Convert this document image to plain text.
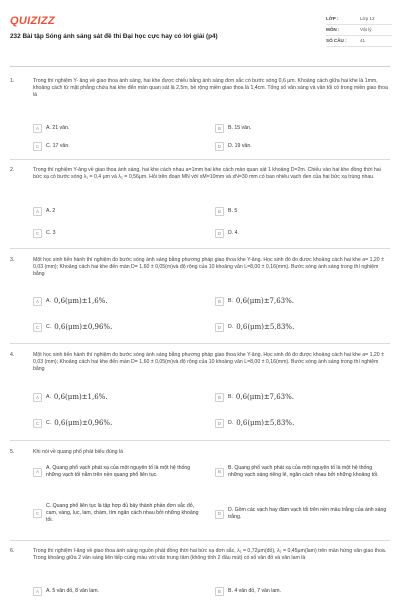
QUIZIZZ
232 Bài tập Sóng ánh sáng sát đề thi Đại học cực hay có lời giải (p4)
LỚP :	Lớp 12
MÔN :	Vật lý
SỐ CÂU :	41
1.	Trong thí nghiệm Y- âng về giao thoa ánh sáng, hai khe được chiếu bằng ánh sáng đơn sắc có bước sóng 0,6 μm. Khoảng cách giữa hai khe là 1mm, khoảng cách từ mặt phẳng chứa hai khe đến màn quan sát là 2,5m, bề rộng miền giao thoa là 1,4cm. Tổng số vân sáng và vân tối có trong miền giao thoa là
A	A. 21 vân.	B	B. 15 vân.
C	C. 17 vân.	D	D. 19 vân.
2.	Trong thí nghiệm Y-âng về giao thoa ánh sáng, hai khe cách nhau a=1mm hai khe cách màn quan sát 1 khoảng D=2m. Chiếu vào hai khe đồng thời hai bức xạ có bước sóng λ₁ = 0,4 μm và λ₂ = 0,56μm. Hỏi trên đoạn MN với xM=10mm và xN=30 mm có bao nhiêu vạch đen của hai bức xạ trùng nhau.
A	A. 2	B	B. 5
C	C. 3	D	D. 4.
3.	Một học sinh tiến hành thí nghiệm đo bước sóng ánh sáng bằng phương pháp giao thoa khe Y-âng. Học sinh đó đo được khoảng cách hai khe a= 1,20 ± 0,03 (mm); Khoảng cách hai khe đến màn D= 1,60 ± 0,05(m)và độ rộng của 10 khoảng vân L=8,00 ± 0,16(mm). Bước sóng ánh sáng trong thí nghiệm bằng
A	A. 0,6(μm)±1,6%.	B	B. 0,6(μm)±7,63%.
C	C. 0,6(μm)±0,96%.	D	D. 0,6(μm)±5,83%.
4.	Một học sinh tiến hành thí nghiệm đo bước sóng ánh sáng bằng phương pháp giao thoa khe Y-âng. Học sinh đó đo được khoảng cách hai khe a= 1,20 ± 0,03 (mm); Khoảng cách hai khe đến màn D= 1,60 ± 0,05(m)và độ rộng của 10 khoảng vân L=8,00 ± 0,16(mm). Bước sóng ánh sáng trong thí nghiệm bằng
A	A. 0,6(μm)±1,6%.	B	B. 0,6(μm)±7,63%.
C	C. 0,6(μm)±0,96%.	D	D. 0,6(μm)±5,83%.
5.	Khi nói về quang phổ phát biểu đúng là
A
A. Quang phổ vạch phát xạ của một nguyên tố là một hệ thống những vạch tối nằm trên nền quang phổ liên tục.
B
B. Quang phổ vạch phát xạ của một nguyên tố là một hệ thống những vạch sáng riêng lẻ, ngăn cách nhau bởi những khoảng tối.
C
C. Quang phổ liên tục là tập hợp đủ bảy thành phần đơn sắc đỏ, cam, vàng, lục, lam, chàm, tím ngăn cách nhau bởi những khoảng tối.
D
D. Gồm các vạch hay đám vạch tối trên nền màu trắng của ánh sáng trắng.
6.	Trong thí nghiệm I-âng về giao thoa ánh sáng nguồn phát đồng thời hai bức xạ đơn sắc, λ₁ = 0,72μm(đỏ), λ₂ = 0,45μm(lam) trên màn hứng vân giao thoa. Trong khoảng giữa 2 vân sáng liên tiếp cùng màu với vân trung tâm (không tính 2 đầu mút) có số vân đỏ và vân lam là
A	A. 5 vân đỏ, 8 vân lam.	B	B. 4 vân đỏ, 7 vân lam.
